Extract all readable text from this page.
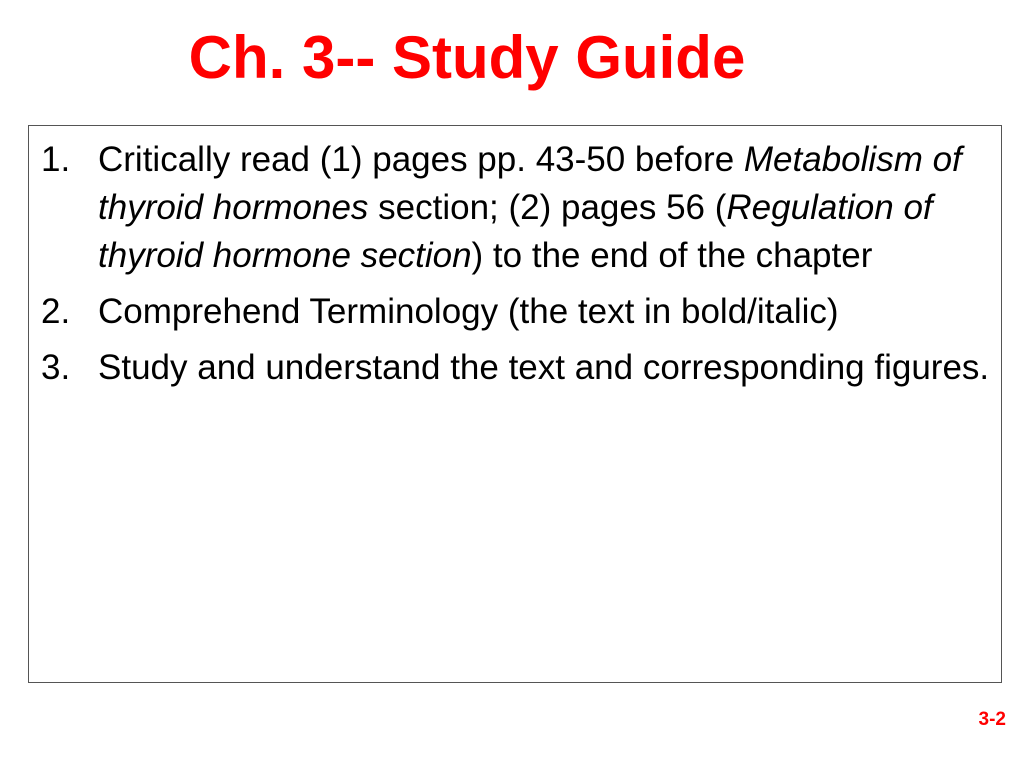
Ch. 3-- Study Guide
1. Critically read (1) pages pp. 43-50 before Metabolism of thyroid hormones section; (2) pages 56 (Regulation of thyroid hormone section) to the end of the chapter
2. Comprehend Terminology (the text in bold/italic)
3. Study and understand the text and corresponding figures.
3-2
